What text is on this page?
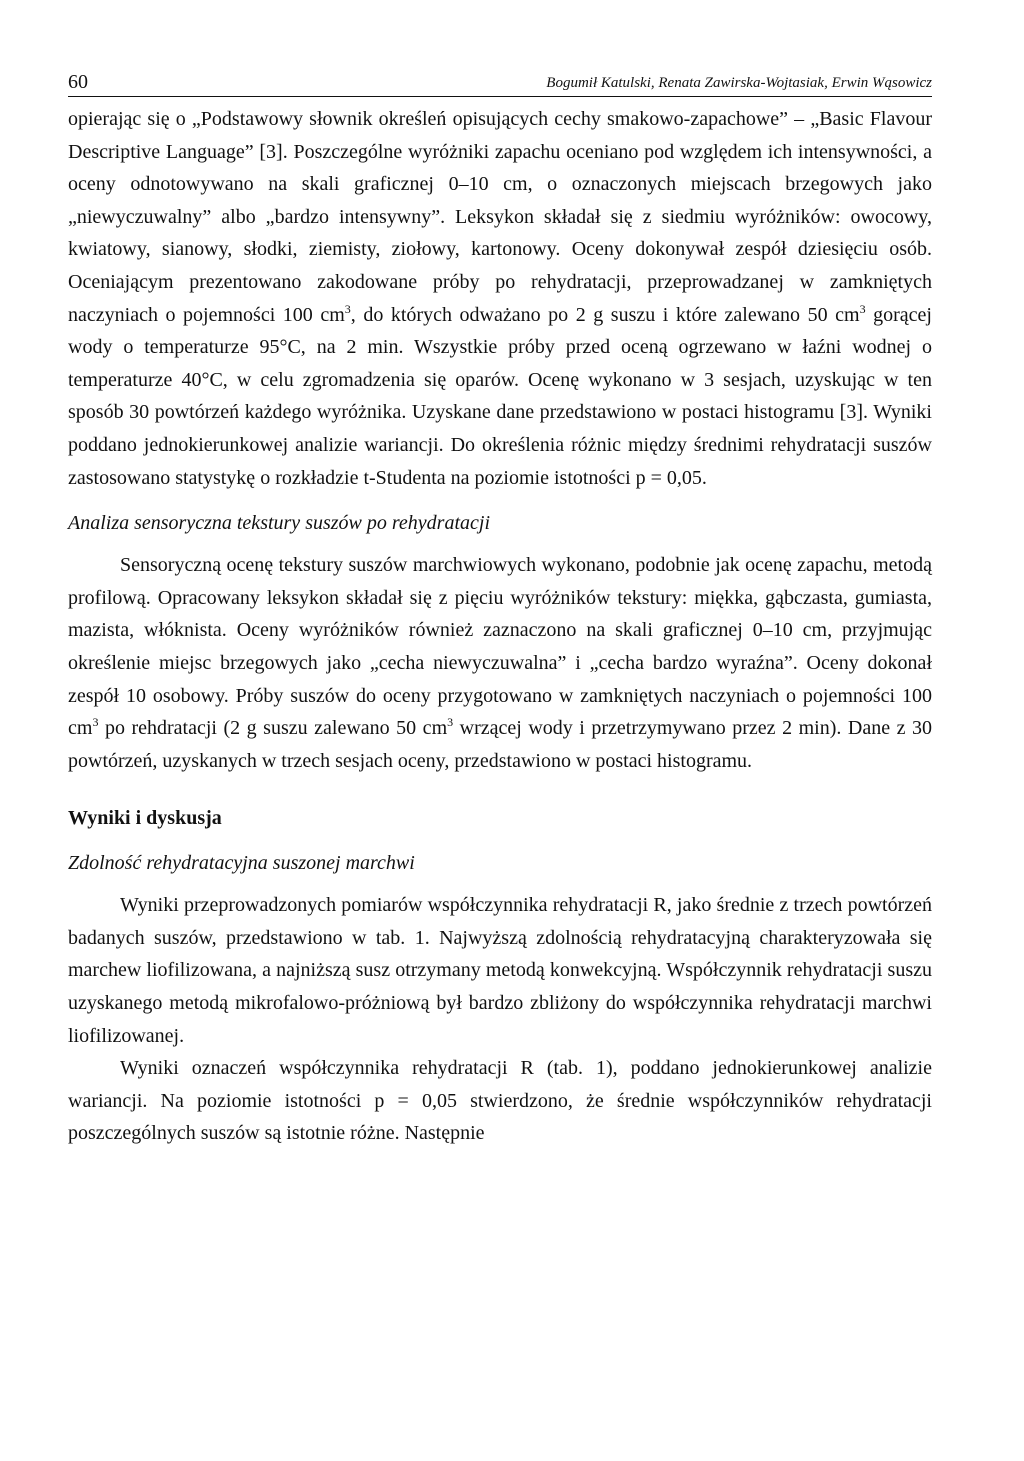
60	Bogumił Katulski, Renata Zawirska-Wojtasiak, Erwin Wąsowicz

opierając się o „Podstawowy słownik określeń opisujących cechy smakowo-zapachowe” – „Basic Flavour Descriptive Language” [3]. Poszczególne wyróżniki zapachu oceniano pod względem ich intensywności, a oceny odnotowywano na skali graficznej 0–10 cm, o oznaczonych miejscach brzegowych jako „niewyczuwalny” albo „bardzo intensywny”. Leksykon składał się z siedmiu wyróżników: owocowy, kwiatowy, sianowy, słodki, ziemisty, ziołowy, kartonowy. Oceny dokonywał zespół dziesięciu osób. Oceniającym prezentowano zakodowane próby po rehydratacji, przeprowadzanej w zamkniętych naczyniach o pojemności 100 $cm^3$, do których odważano po 2 g suszu i które zalewano 50 $cm^3$ gorącej wody o temperaturze 95°C, na 2 min. Wszystkie próby przed oceną ogrzewano w łaźni wodnej o temperaturze 40°C, w celu zgromadzenia się oparów. Ocenę wykonano w 3 sesjach, uzyskując w ten sposób 30 powtórzeń każdego wyróżnika. Uzyskane dane przedstawiono w postaci histogramu [3]. Wyniki poddano jednokierunkowej analizie wariancji. Do określenia różnic między średnimi rehydratacji suszów zastosowano statystykę o rozkładzie t-Studenta na poziomie istotności p = 0,05.

Analiza sensoryczna tekstury suszów po rehydratacji

Sensoryczną ocenę tekstury suszów marchwiowych wykonano, podobnie jak ocenę zapachu, metodą profilową. Opracowany leksykon składał się z pięciu wyróżników tekstury: miękka, gąbczasta, gumiasta, mazista, włóknista. Oceny wyróżników również zaznaczono na skali graficznej 0–10 cm, przyjmując określenie miejsc brzegowych jako „cecha niewyczuwalna” i „cecha bardzo wyraźna”. Oceny dokonał zespół 10 osobowy. Próby suszów do oceny przygotowano w zamkniętych naczyniach o pojemności 100 $cm^3$ po rehdratacji (2 g suszu zalewano 50 $cm^3$ wrzącej wody i przetrzymywano przez 2 min). Dane z 30 powtórzeń, uzyskanych w trzech sesjach oceny, przedstawiono w postaci histogramu.

Wyniki i dyskusja
Zdolność rehydratacyjna suszonej marchwi

Wyniki przeprowadzonych pomiarów współczynnika rehydratacji R, jako średnie z trzech powtórzeń badanych suszów, przedstawiono w tab. 1. Najwyższą zdolnością rehydratacyjną charakteryzowała się marchew liofilizowana, a najniższą susz otrzymany metodą konwekcyjną. Współczynnik rehydratacji suszu uzyskanego metodą mikrofalowo-próżniową był bardzo zbliżony do współczynnika rehydratacji marchwi liofilizowanej.

Wyniki oznaczeń współczynnika rehydratacji R (tab. 1), poddano jednokierunkowej analizie wariancji. Na poziomie istotności p = 0,05 stwierdzono, że średnie współczynników rehydratacji poszczególnych suszów są istotnie różne. Następnie
